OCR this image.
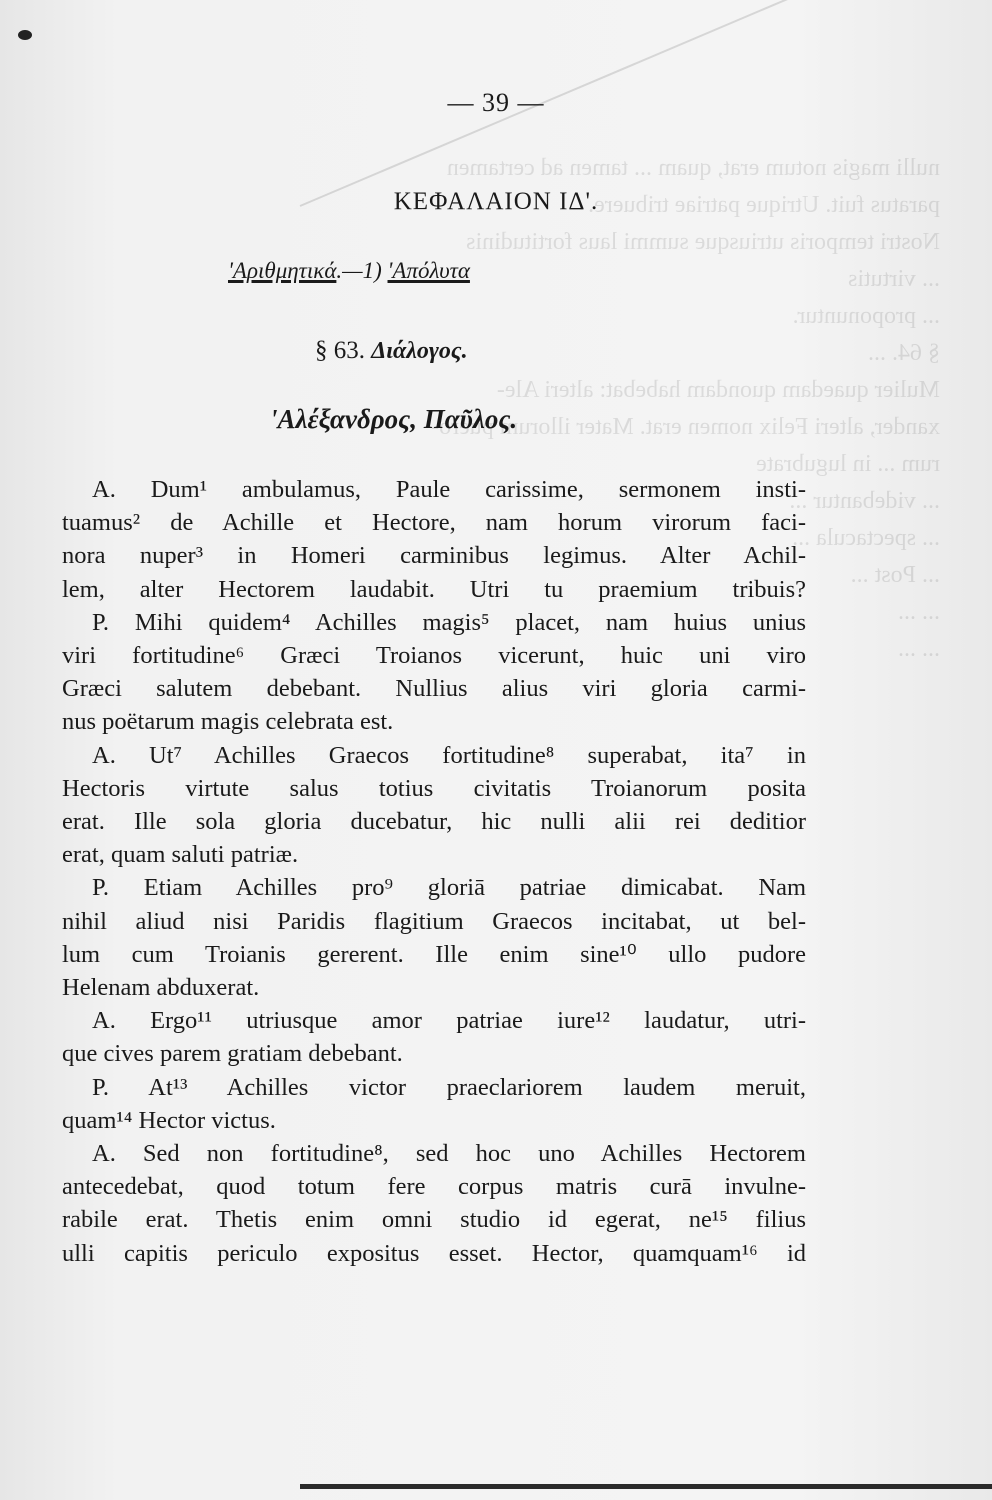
nulli magis notum erat, quam ... tamen ad certamen
paratus fuit. Utrique patriae tribuere.
Nostri temporis utriusque summi laus fortitudinis
... virtutis
... proponuntur.
§ 64. ...
Mulier quaedam quondam habebat: alteri Ale-
xander, alteri Felix nomen erat. Mater illorum puero-
rum ... in lugubrate
... videbantur ...
... spectacula ...
... Post ...
... ...
... ...
— 39 —
ΚΕΦΑΛΑΙΟΝ ΙΔ'.
'Αριθμητικά.—1) 'Απόλυτα
§ 63. Διάλογος.
'Αλέξανδρος, Παῦλος.
A. Dum¹ ambulamus, Paule carissime, sermonem insti-
tuamus² de Achille et Hectore, nam horum virorum faci-
nora nuper³ in Homeri carminibus legimus. Alter Achil-
lem, alter Hectorem laudabit. Utri tu praemium tribuis?
P. Mihi quidem⁴ Achilles magis⁵ placet, nam huius unius
viri fortitudine⁶ Græci Troianos vicerunt, huic uni viro
Græci salutem debebant. Nullius alius viri gloria carmi-
nus poëtarum magis celebrata est.
A. Ut⁷ Achilles Graecos fortitudine⁸ superabat, ita⁷ in
Hectoris virtute salus totius civitatis Troianorum posita
erat. Ille sola gloria ducebatur, hic nulli alii rei deditior
erat, quam saluti patriæ.
P. Etiam Achilles pro⁹ gloriā patriae dimicabat. Nam
nihil aliud nisi Paridis flagitium Graecos incitabat, ut bel-
lum cum Troianis gererent. Ille enim sine¹⁰ ullo pudore
Helenam abduxerat.
A. Ergo¹¹ utriusque amor patriae iure¹² laudatur, utri-
que cives parem gratiam debebant.
P. At¹³ Achilles victor praeclariorem laudem meruit,
quam¹⁴ Hector victus.
A. Sed non fortitudine⁸, sed hoc uno Achilles Hectorem
antecedebat, quod totum fere corpus matris curā invulne-
rabile erat. Thetis enim omni studio id egerat, ne¹⁵ filius
ulli capitis periculo expositus esset. Hector, quamquam¹⁶ id
